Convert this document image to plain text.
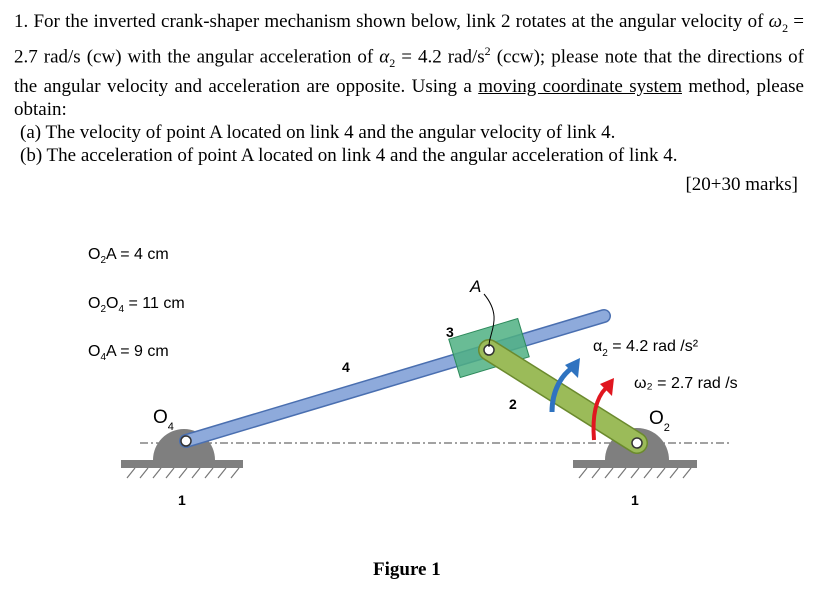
1. For the inverted crank-shaper mechanism shown below, link 2 rotates at the angular velocity of $\omega_2 = 2.7$ rad/s (cw) with the angular acceleration of $\alpha_2 = 4.2$ rad/$s^2$ (ccw); please note that the directions of the angular velocity and acceleration are opposite. Using a moving coordinate system method, please obtain:
(a) The velocity of point A located on link 4 and the angular velocity of link 4.
(b) The acceleration of point A located on link 4 and the angular acceleration of link 4.
[20+30 marks]
$O_2A = 4$ cm
$O_2O_4 = 11$ cm
$O_4A = 9$ cm
A
3
4
2
1	1
$O_4$	$O_2$
$\alpha_2 = 4.2$ rad /s²
ω₂ = 2.7 rad /s
Figure 1
